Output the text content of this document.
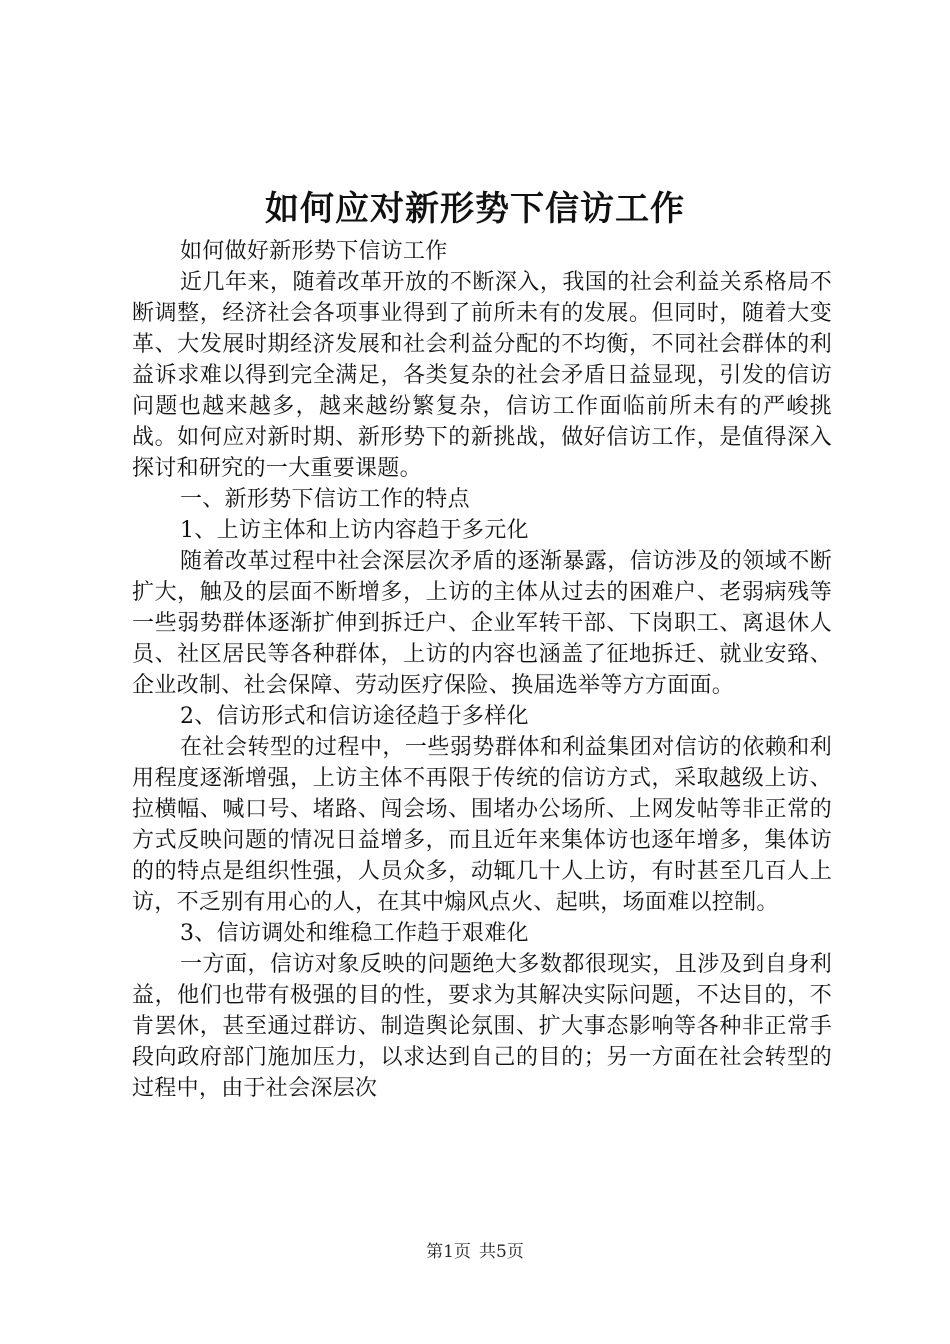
如何应对新形势下信访工作

如何做好新形势下信访工作

近几年来，随着改革开放的不断深入，我国的社会利益关系格局不断调整，经济社会各项事业得到了前所未有的发展。但同时，随着大变革、大发展时期经济发展和社会利益分配的不均衡，不同社会群体的利益诉求难以得到完全满足，各类复杂的社会矛盾日益显现，引发的信访问题也越来越多，越来越纷繁复杂，信访工作面临前所未有的严峻挑战。如何应对新时期、新形势下的新挑战，做好信访工作，是值得深入探讨和研究的一大重要课题。

一、新形势下信访工作的特点

1、上访主体和上访内容趋于多元化

随着改革过程中社会深层次矛盾的逐渐暴露，信访涉及的领域不断扩大，触及的层面不断增多，上访的主体从过去的困难户、老弱病残等一些弱势群体逐渐扩伸到拆迁户、企业军转干部、下岗职工、离退休人员、社区居民等各种群体，上访的内容也涵盖了征地拆迁、就业安臵、企业改制、社会保障、劳动医疗保险、换届选举等方方面面。

2、信访形式和信访途径趋于多样化

在社会转型的过程中，一些弱势群体和利益集团对信访的依赖和利用程度逐渐增强，上访主体不再限于传统的信访方式，采取越级上访、拉横幅、喊口号、堵路、闯会场、围堵办公场所、上网发帖等非正常的方式反映问题的情况日益增多，而且近年来集体访也逐年增多，集体访的的特点是组织性强，人员众多，动辄几十人上访，有时甚至几百人上访，不乏别有用心的人，在其中煽风点火、起哄，场面难以控制。

3、信访调处和维稳工作趋于艰难化

一方面，信访对象反映的问题绝大多数都很现实，且涉及到自身利益，他们也带有极强的目的性，要求为其解决实际问题，不达目的，不肯罢休，甚至通过群访、制造舆论氛围、扩大事态影响等各种非正常手段向政府部门施加压力，以求达到自己的目的；另一方面在社会转型的过程中，由于社会深层次

第1页 共5页
